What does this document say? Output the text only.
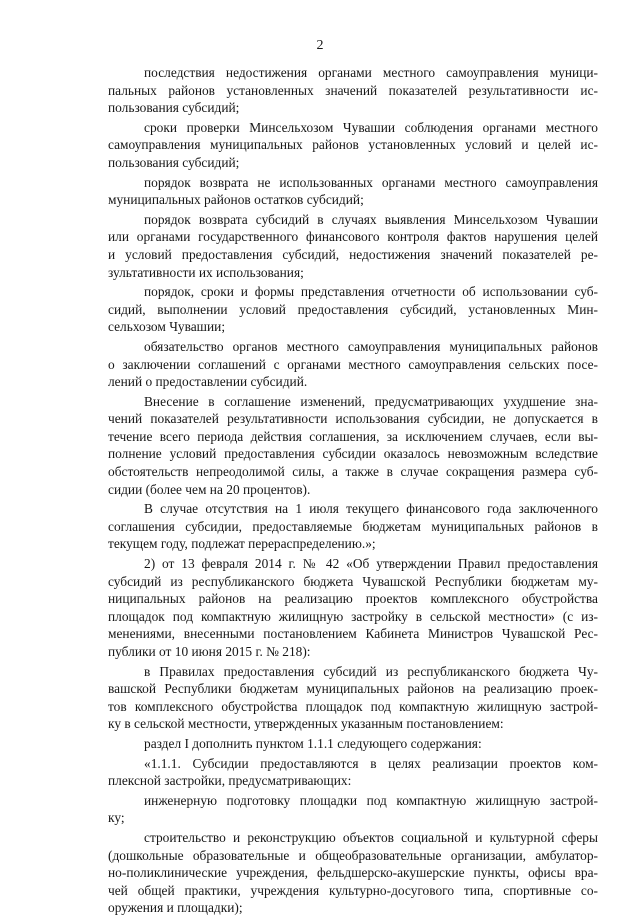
2
последствия недостижения органами местного самоуправления муници-
пальных районов установленных значений показателей результативности ис-
пользования субсидий;
сроки проверки Минсельхозом Чувашии соблюдения органами местного
самоуправления муниципальных районов установленных условий и целей ис-
пользования субсидий;
порядок возврата не использованных органами местного самоуправления
муниципальных районов остатков субсидий;
порядок возврата субсидий в случаях выявления Минсельхозом Чувашии
или органами государственного финансового контроля фактов нарушения целей
и условий предоставления субсидий, недостижения значений показателей ре-
зультативности их использования;
порядок, сроки и формы представления отчетности об использовании суб-
сидий, выполнении условий предоставления субсидий, установленных Мин-
сельхозом Чувашии;
обязательство органов местного самоуправления муниципальных районов
о заключении соглашений с органами местного самоуправления сельских посе-
лений о предоставлении субсидий.
Внесение в соглашение изменений, предусматривающих ухудшение зна-
чений показателей результативности использования субсидии, не допускается в
течение всего периода действия соглашения, за исключением случаев, если вы-
полнение условий предоставления субсидии оказалось невозможным вследствие
обстоятельств непреодолимой силы, а также в случае сокращения размера суб-
сидии (более чем на 20 процентов).
В случае отсутствия на 1 июля текущего финансового года заключенного
соглашения субсидии, предоставляемые бюджетам муниципальных районов в
текущем году, подлежат перераспределению.»;
2) от 13 февраля 2014 г. № 42 «Об утверждении Правил предоставления
субсидий из республиканского бюджета Чувашской Республики бюджетам му-
ниципальных районов на реализацию проектов комплексного обустройства
площадок под компактную жилищную застройку в сельской местности» (с из-
менениями, внесенными постановлением Кабинета Министров Чувашской Рес-
публики от 10 июня 2015 г. № 218):
в Правилах предоставления субсидий из республиканского бюджета Чу-
вашской Республики бюджетам муниципальных районов на реализацию проек-
тов комплексного обустройства площадок под компактную жилищную застрой-
ку в сельской местности, утвержденных указанным постановлением:
раздел I дополнить пунктом 1.1.1 следующего содержания:
«1.1.1. Субсидии предоставляются в целях реализации проектов ком-
плексной застройки, предусматривающих:
инженерную подготовку площадки под компактную жилищную застрой-
ку;
строительство и реконструкцию объектов социальной и культурной сферы
(дошкольные образовательные и общеобразовательные организации, амбулатор-
но-поликлинические учреждения, фельдшерско-акушерские пункты, офисы вра-
чей общей практики, учреждения культурно-досугового типа, спортивные со-
оружения и площадки);
